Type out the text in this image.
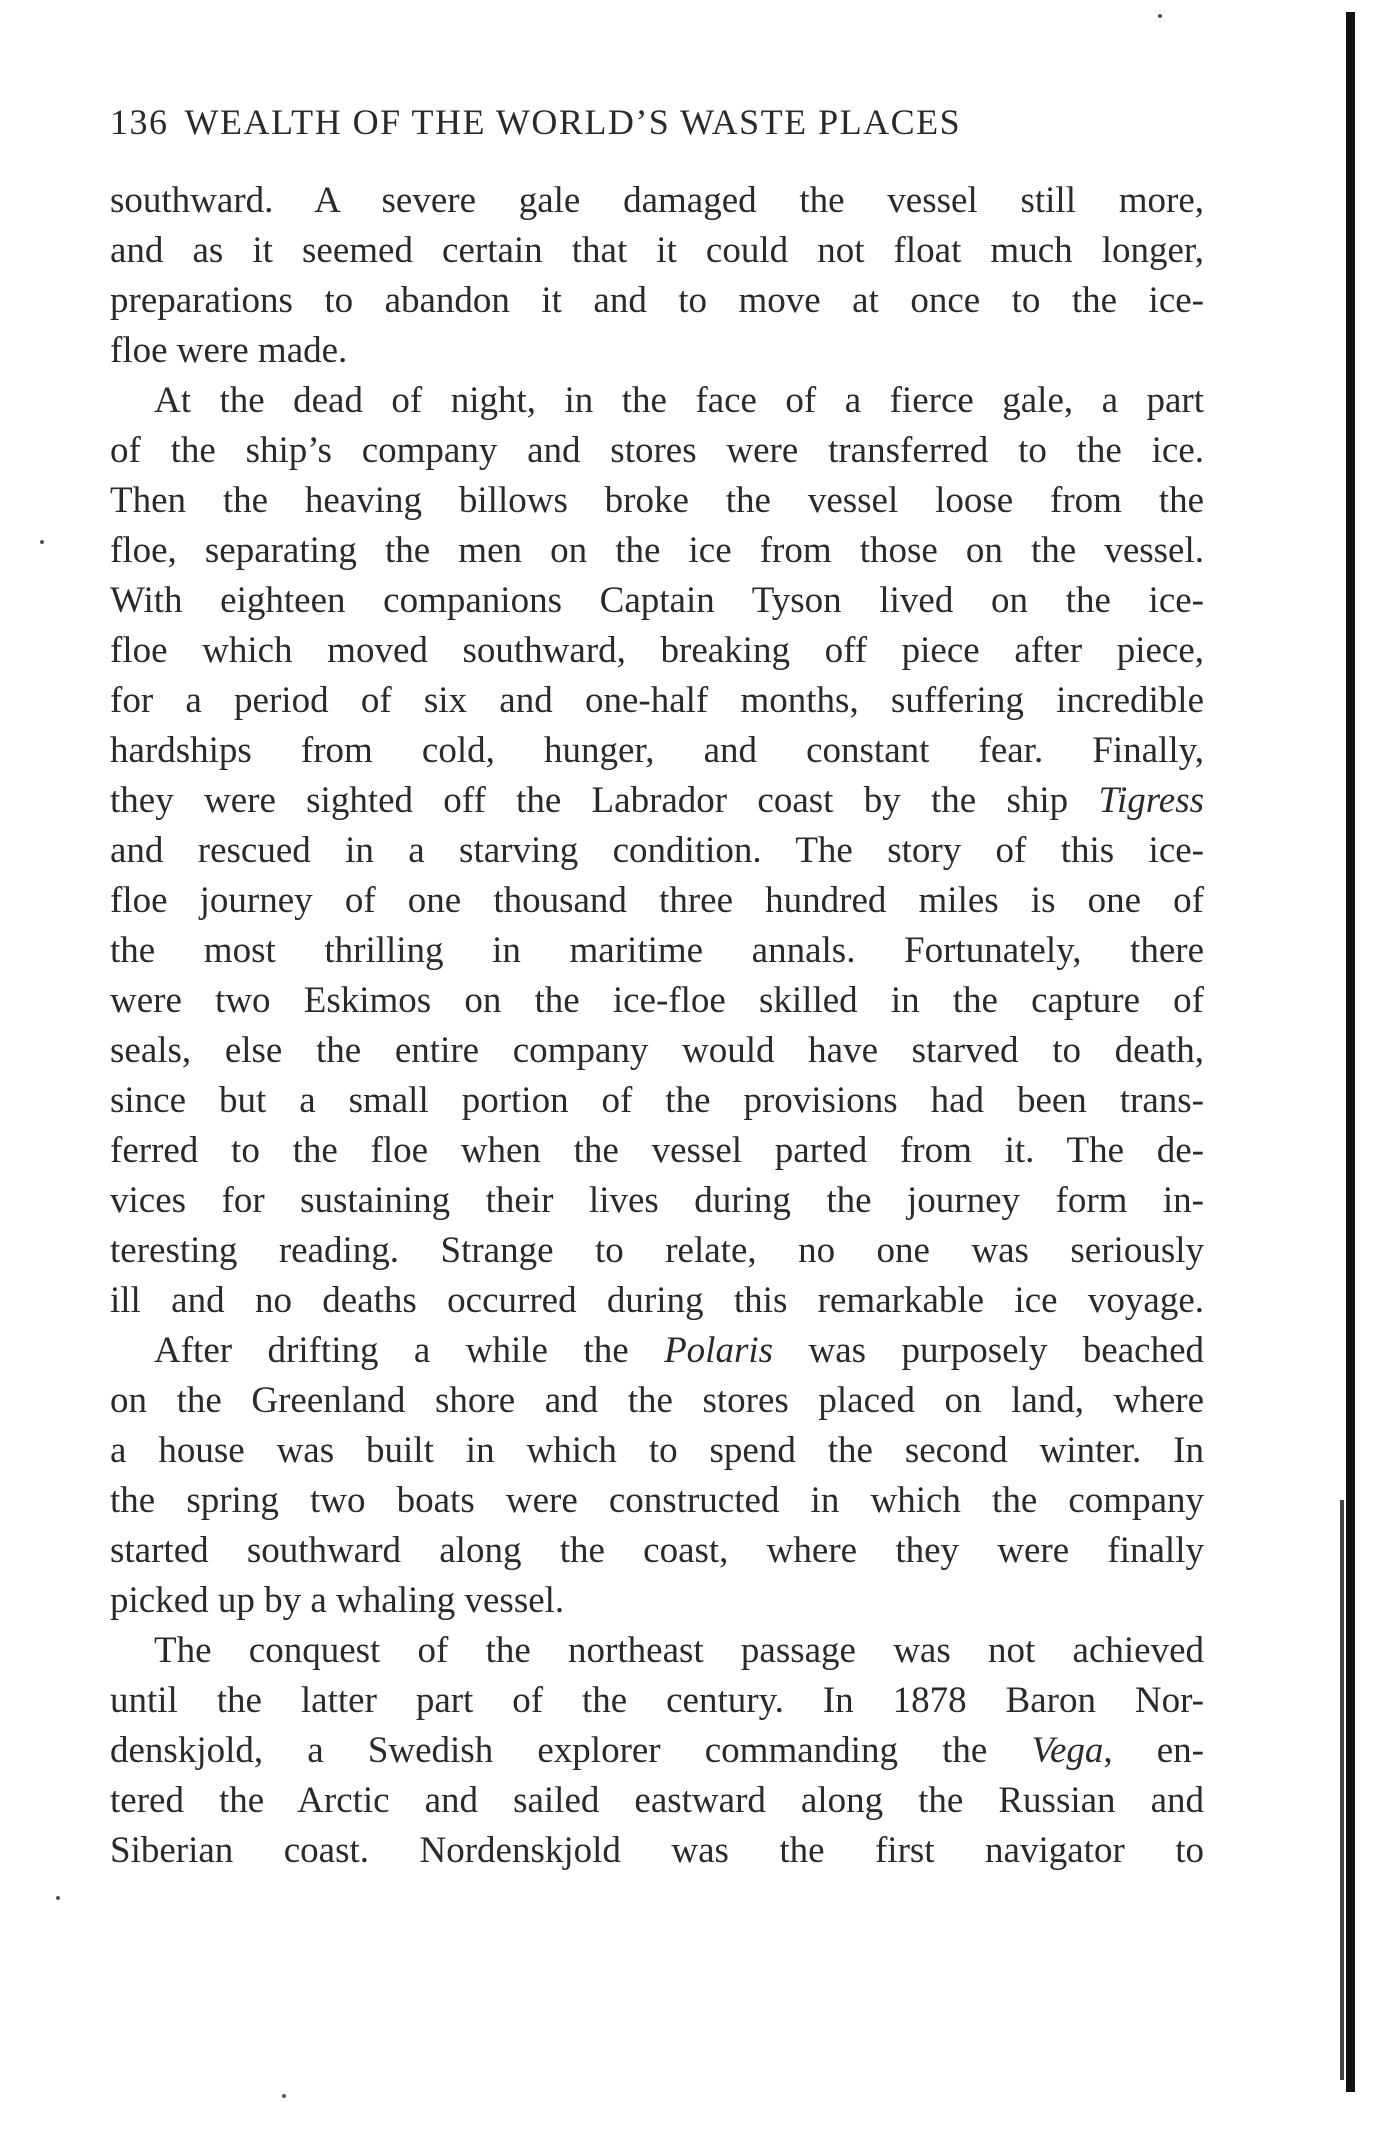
136 WEALTH OF THE WORLD’S WASTE PLACES
southward. A severe gale damaged the vessel still more,
and as it seemed certain that it could not float much longer,
preparations to abandon it and to move at once to the ice-
floe were made.
At the dead of night, in the face of a fierce gale, a part
of the ship’s company and stores were transferred to the ice.
Then the heaving billows broke the vessel loose from the
floe, separating the men on the ice from those on the vessel.
With eighteen companions Captain Tyson lived on the ice-
floe which moved southward, breaking off piece after piece,
for a period of six and one-half months, suffering incredible
hardships from cold, hunger, and constant fear. Finally,
they were sighted off the Labrador coast by the ship Tigress
and rescued in a starving condition. The story of this ice-
floe journey of one thousand three hundred miles is one of
the most thrilling in maritime annals. Fortunately, there
were two Eskimos on the ice-floe skilled in the capture of
seals, else the entire company would have starved to death,
since but a small portion of the provisions had been trans-
ferred to the floe when the vessel parted from it. The de-
vices for sustaining their lives during the journey form in-
teresting reading. Strange to relate, no one was seriously
ill and no deaths occurred during this remarkable ice voyage.
After drifting a while the Polaris was purposely beached
on the Greenland shore and the stores placed on land, where
a house was built in which to spend the second winter. In
the spring two boats were constructed in which the company
started southward along the coast, where they were finally
picked up by a whaling vessel.
The conquest of the northeast passage was not achieved
until the latter part of the century. In 1878 Baron Nor-
denskjold, a Swedish explorer commanding the Vega, en-
tered the Arctic and sailed eastward along the Russian and
Siberian coast. Nordenskjold was the first navigator to
